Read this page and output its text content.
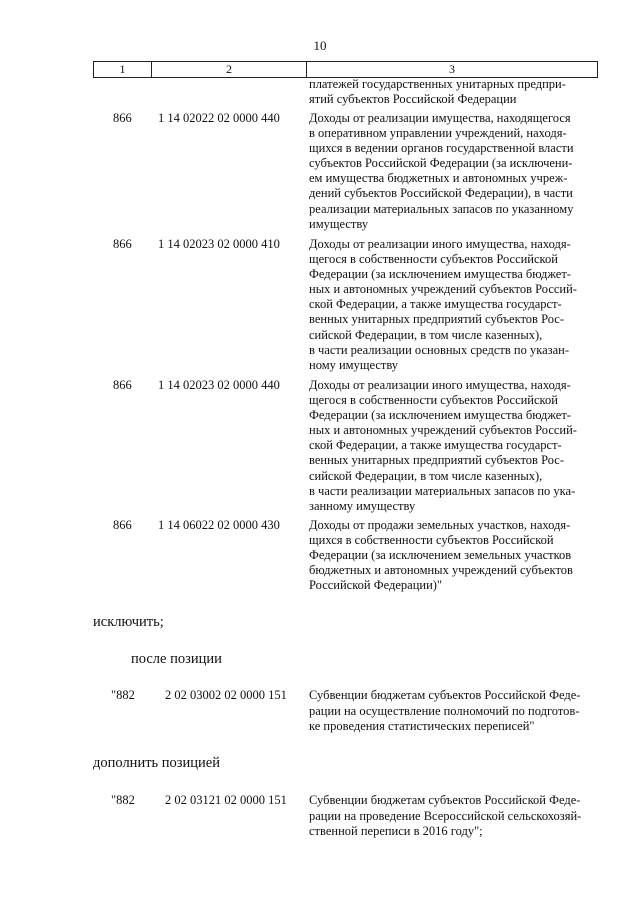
10
1	2	3
платежей государственных унитарных предпри-
ятий субъектов Российской Федерации
866	1 14 02022 02 0000 440	Доходы от реализации имущества, находящегося
в оперативном управлении учреждений, находя-
щихся в ведении органов государственной власти
субъектов Российской Федерации (за исключени-
ем имущества бюджетных и автономных учреж-
дений субъектов Российской Федерации), в части
реализации материальных запасов по указанному
имуществу
866	1 14 02023 02 0000 410	Доходы от реализации иного имущества, находя-
щегося в собственности субъектов Российской
Федерации (за исключением имущества бюджет-
ных и автономных учреждений субъектов Россий-
ской Федерации, а также имущества государст-
венных унитарных предприятий субъектов Рос-
сийской Федерации, в том числе казенных),
в части реализации основных средств по указан-
ному имуществу
866	1 14 02023 02 0000 440	Доходы от реализации иного имущества, находя-
щегося в собственности субъектов Российской
Федерации (за исключением имущества бюджет-
ных и автономных учреждений субъектов Россий-
ской Федерации, а также имущества государст-
венных унитарных предприятий субъектов Рос-
сийской Федерации, в том числе казенных),
в части реализации материальных запасов по ука-
занному имуществу
866	1 14 06022 02 0000 430	Доходы от продажи земельных участков, находя-
щихся в собственности субъектов Российской
Федерации (за исключением земельных участков
бюджетных и автономных учреждений субъектов
Российской Федерации)"
исключить;
после позиции
"882 2 02 03002 02 0000 151 Субвенции бюджетам субъектов Российской Феде-
рации на осуществление полномочий по подготов-
ке проведения статистических переписей"
дополнить позицией
"882 2 02 03121 02 0000 151 Субвенции бюджетам субъектов Российской Феде-
рации на проведение Всероссийской сельскохозяй-
ственной переписи в 2016 году";
